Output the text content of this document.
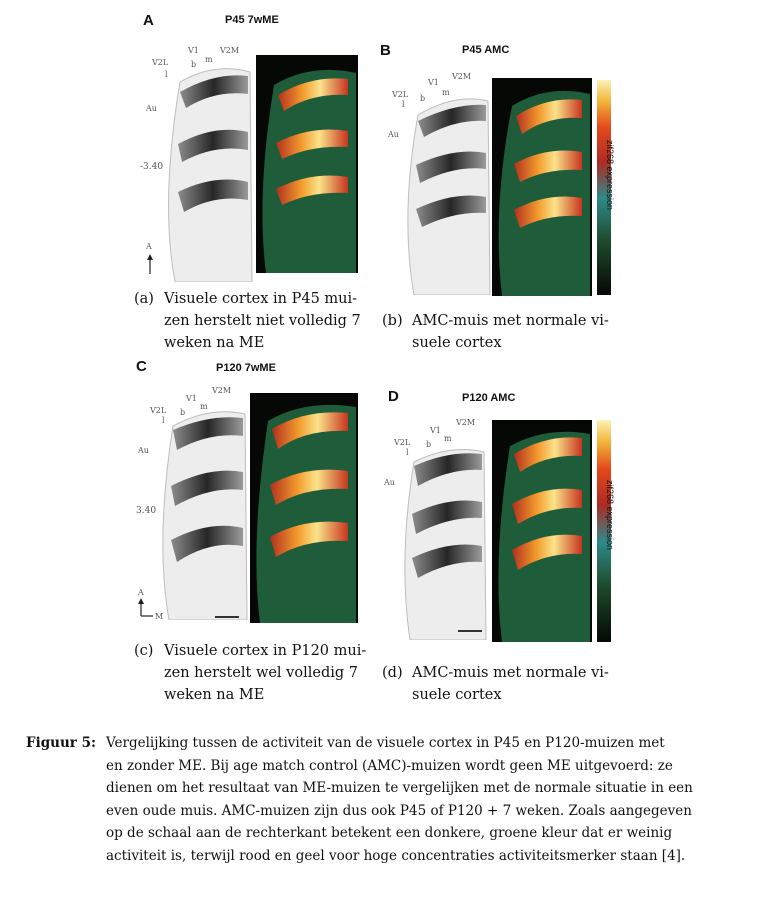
A	P45 7wME
V1	V2M
V2L
l
b
m
Au
-3.40
A
B	P45 AMC
V1
V2M
V2L
l
b
m
Au
zif268 expression
C	P120 7wME
V1
V2M
V2L
l
b
m
Au
3.40
A
M
D	P120 AMC
V1
V2M
V2L
l
b
m
Au	zif268 expression
(a) Visuele cortex in P45 mui-
zen herstelt niet volledig 7
weken na ME
(b) AMC-muis met normale vi-
suele cortex
(c) Visuele cortex in P120 mui-
zen herstelt wel volledig 7
weken na ME
(d) AMC-muis met normale vi-
suele cortex
Figuur 5: Vergelijking tussen de activiteit van de visuele cortex in P45 en P120-muizen met
en zonder ME. Bij age match control (AMC)-muizen wordt geen ME uitgevoerd: ze
dienen om het resultaat van ME-muizen te vergelijken met de normale situatie in een
even oude muis. AMC-muizen zijn dus ook P45 of P120 + 7 weken. Zoals aangegeven
op de schaal aan de rechterkant betekent een donkere, groene kleur dat er weinig
activiteit is, terwijl rood en geel voor hoge concentraties activiteitsmerker staan [4].
